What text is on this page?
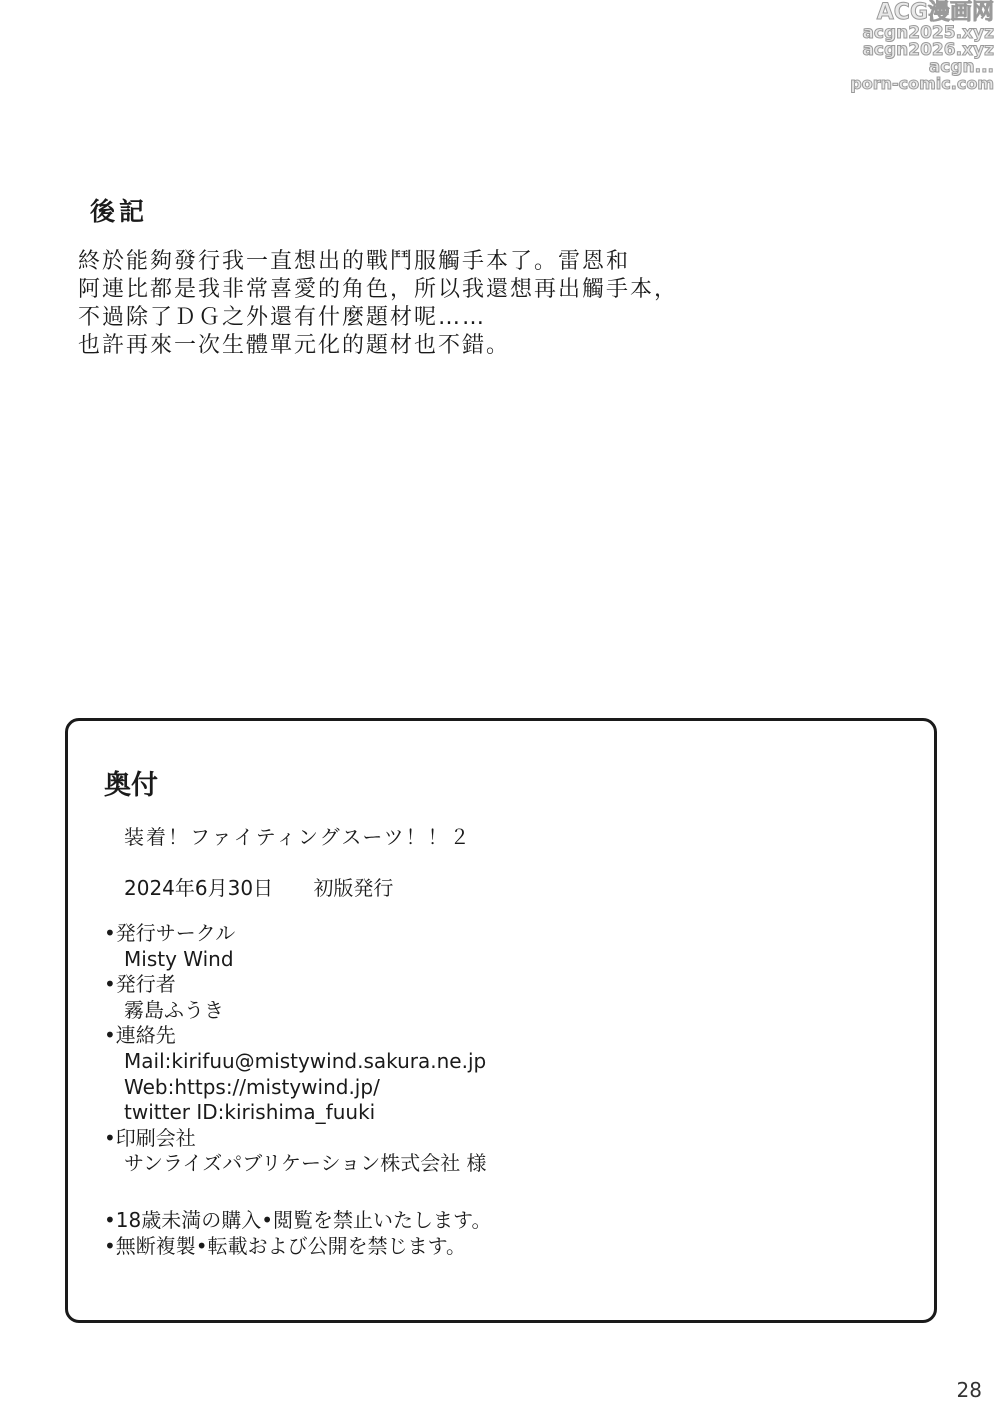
ACG漫画网
acgn2025.xyz
acgn2026.xyz
acgn...
porn-comic.com
後記
終於能夠發行我一直想出的戰鬥服觸手本了。雷恩和
阿連比都是我非常喜愛的角色，所以我還想再出觸手本，
不過除了ＤＧ之外還有什麼題材呢……
也許再來一次生體單元化的題材也不錯。
奥付
装着！ファイティングスーツ！！２
2024年6月30日 初版発行
•発行サークル
Misty Wind
•発行者
霧島ふうき
•連絡先
Mail:kirifuu@mistywind.sakura.ne.jp
Web:https://mistywind.jp/
twitter ID:kirishima_fuuki
•印刷会社
サンライズパブリケーション株式会社 様
•18歳未満の購入•閲覧を禁止いたします。
•無断複製•転載および公開を禁じます。
28
